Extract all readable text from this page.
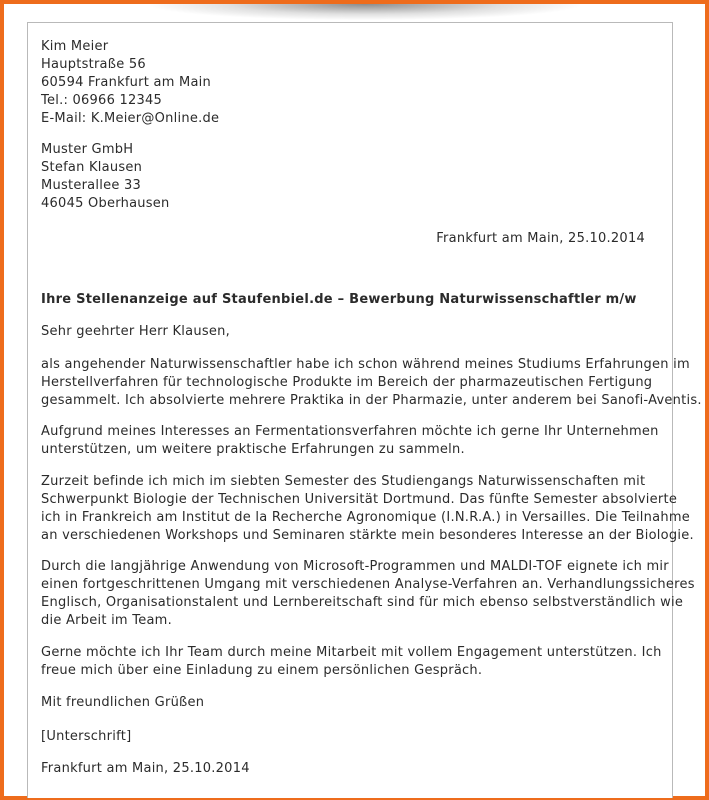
Kim Meier
Hauptstraße 56
60594 Frankfurt am Main
Tel.: 06966 12345
E-Mail: K.Meier@Online.de
Muster GmbH
Stefan Klausen
Musterallee 33
46045 Oberhausen
Frankfurt am Main, 25.10.2014
Ihre Stellenanzeige auf Staufenbiel.de – Bewerbung Naturwissenschaftler m/w
Sehr geehrter Herr Klausen,
als angehender Naturwissenschaftler habe ich schon während meines Studiums Erfahrungen im
Herstellverfahren für technologische Produkte im Bereich der pharmazeutischen Fertigung
gesammelt. Ich absolvierte mehrere Praktika in der Pharmazie, unter anderem bei Sanofi-Aventis.
Aufgrund meines Interesses an Fermentationsverfahren möchte ich gerne Ihr Unternehmen
unterstützen, um weitere praktische Erfahrungen zu sammeln.
Zurzeit befinde ich mich im siebten Semester des Studiengangs Naturwissenschaften mit
Schwerpunkt Biologie der Technischen Universität Dortmund. Das fünfte Semester absolvierte
ich in Frankreich am Institut de la Recherche Agronomique (I.N.R.A.) in Versailles. Die Teilnahme
an verschiedenen Workshops und Seminaren stärkte mein besonderes Interesse an der Biologie.
Durch die langjährige Anwendung von Microsoft-Programmen und MALDI-TOF eignete ich mir
einen fortgeschrittenen Umgang mit verschiedenen Analyse-Verfahren an. Verhandlungssicheres
Englisch, Organisationstalent und Lernbereitschaft sind für mich ebenso selbstverständlich wie
die Arbeit im Team.
Gerne möchte ich Ihr Team durch meine Mitarbeit mit vollem Engagement unterstützen. Ich
freue mich über eine Einladung zu einem persönlichen Gespräch.
Mit freundlichen Grüßen
[Unterschrift]
Frankfurt am Main, 25.10.2014
